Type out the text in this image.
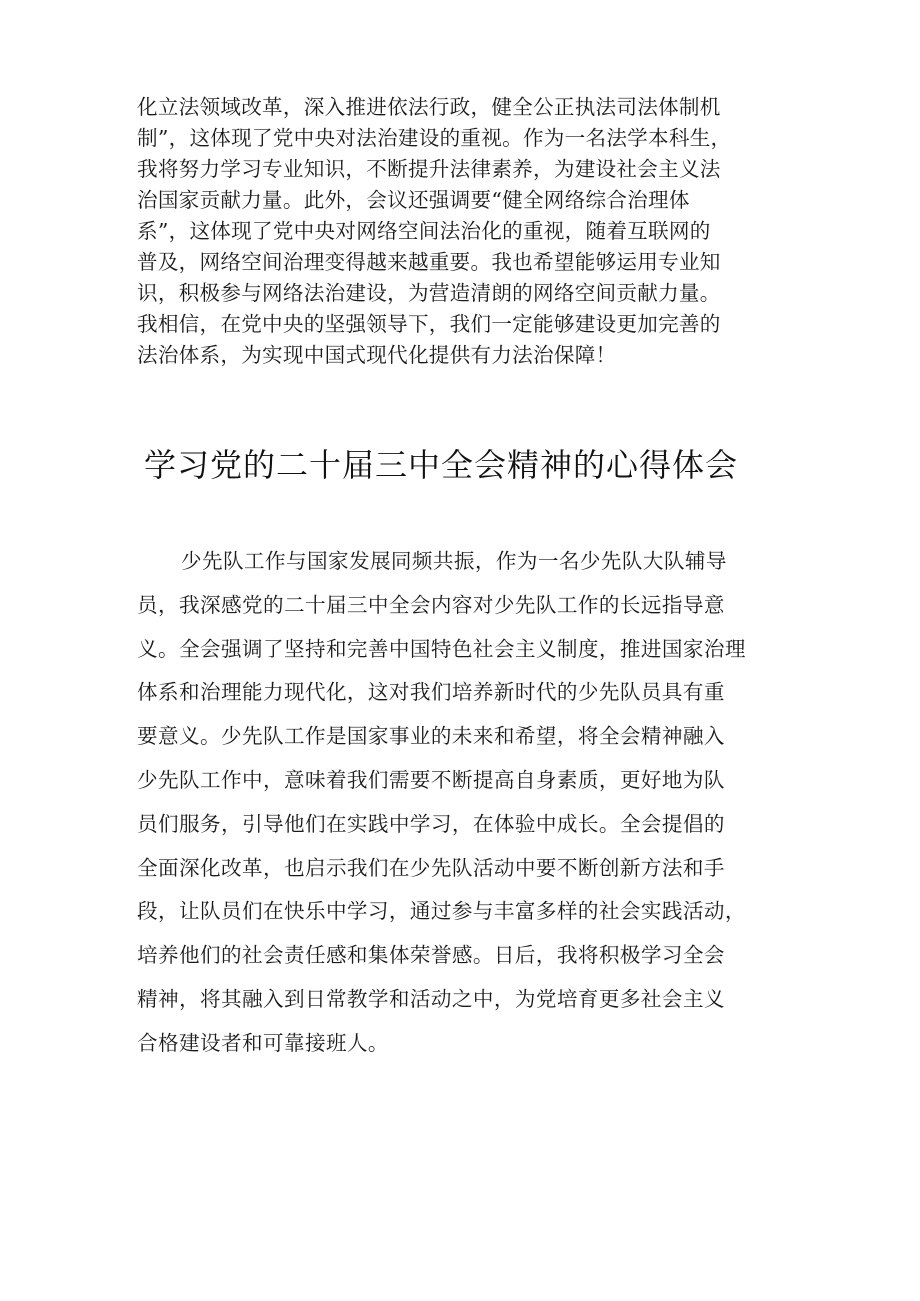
化立法领域改革，深入推进依法行政，健全公正执法司法体制机
制”，这体现了党中央对法治建设的重视。作为一名法学本科生，
我将努力学习专业知识，不断提升法律素养，为建设社会主义法
治国家贡献力量。此外，会议还强调要“健全网络综合治理体
系”，这体现了党中央对网络空间法治化的重视，随着互联网的
普及，网络空间治理变得越来越重要。我也希望能够运用专业知
识，积极参与网络法治建设，为营造清朗的网络空间贡献力量。
我相信，在党中央的坚强领导下，我们一定能够建设更加完善的
法治体系，为实现中国式现代化提供有力法治保障！
学习党的二十届三中全会精神的心得体会
少先队工作与国家发展同频共振，作为一名少先队大队辅导
员，我深感党的二十届三中全会内容对少先队工作的长远指导意
义。全会强调了坚持和完善中国特色社会主义制度，推进国家治理
体系和治理能力现代化，这对我们培养新时代的少先队员具有重
要意义。少先队工作是国家事业的未来和希望，将全会精神融入
少先队工作中，意味着我们需要不断提高自身素质，更好地为队
员们服务，引导他们在实践中学习，在体验中成长。全会提倡的
全面深化改革，也启示我们在少先队活动中要不断创新方法和手
段，让队员们在快乐中学习，通过参与丰富多样的社会实践活动，
培养他们的社会责任感和集体荣誉感。日后，我将积极学习全会
精神，将其融入到日常教学和活动之中，为党培育更多社会主义
合格建设者和可靠接班人。
